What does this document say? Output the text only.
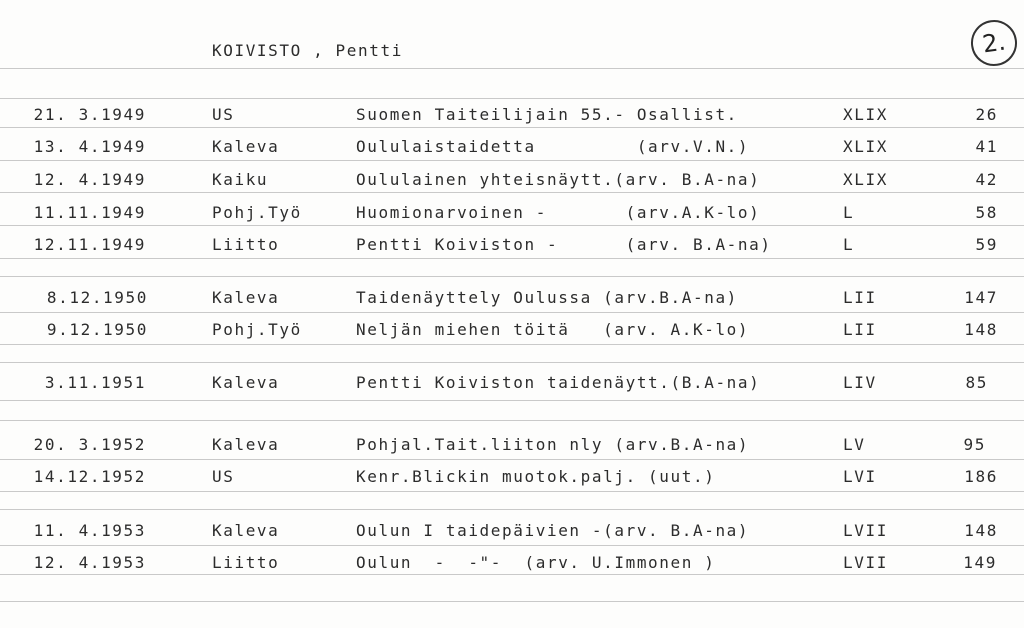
KOIVISTO , Pentti	2.
21. 3.1949	US	Suomen Taiteilijain 55.- Osallist.	XLIX	26
13. 4.1949	Kaleva	Oululaistaidetta         (arv.V.N.)	XLIX	41
12. 4.1949	Kaiku	Oululainen yhteisnäytt.(arv. B.A-na)	XLIX	42
11.11.1949	Pohj.Työ	Huomionarvoinen -       (arv.A.K-lo)	L	58
12.11.1949	Liitto	Pentti Koiviston -      (arv. B.A-na)	L	59
8.12.1950	Kaleva	Taidenäyttely Oulussa (arv.B.A-na)	LII	147
9.12.1950	Pohj.Työ	Neljän miehen töitä   (arv. A.K-lo)	LII	148
3.11.1951	Kaleva	Pentti Koiviston taidenäytt.(B.A-na)	LIV	85
20. 3.1952	Kaleva	Pohjal.Tait.liiton nly (arv.B.A-na)	LV	95
14.12.1952	US	Kenr.Blickin muotok.palj. (uut.)	LVI	186
11. 4.1953	Kaleva	Oulun I taidepäivien -(arv. B.A-na)	LVII	148
12. 4.1953	Liitto	Oulun  -  -"-  (arv. U.Immonen )	LVII	149
